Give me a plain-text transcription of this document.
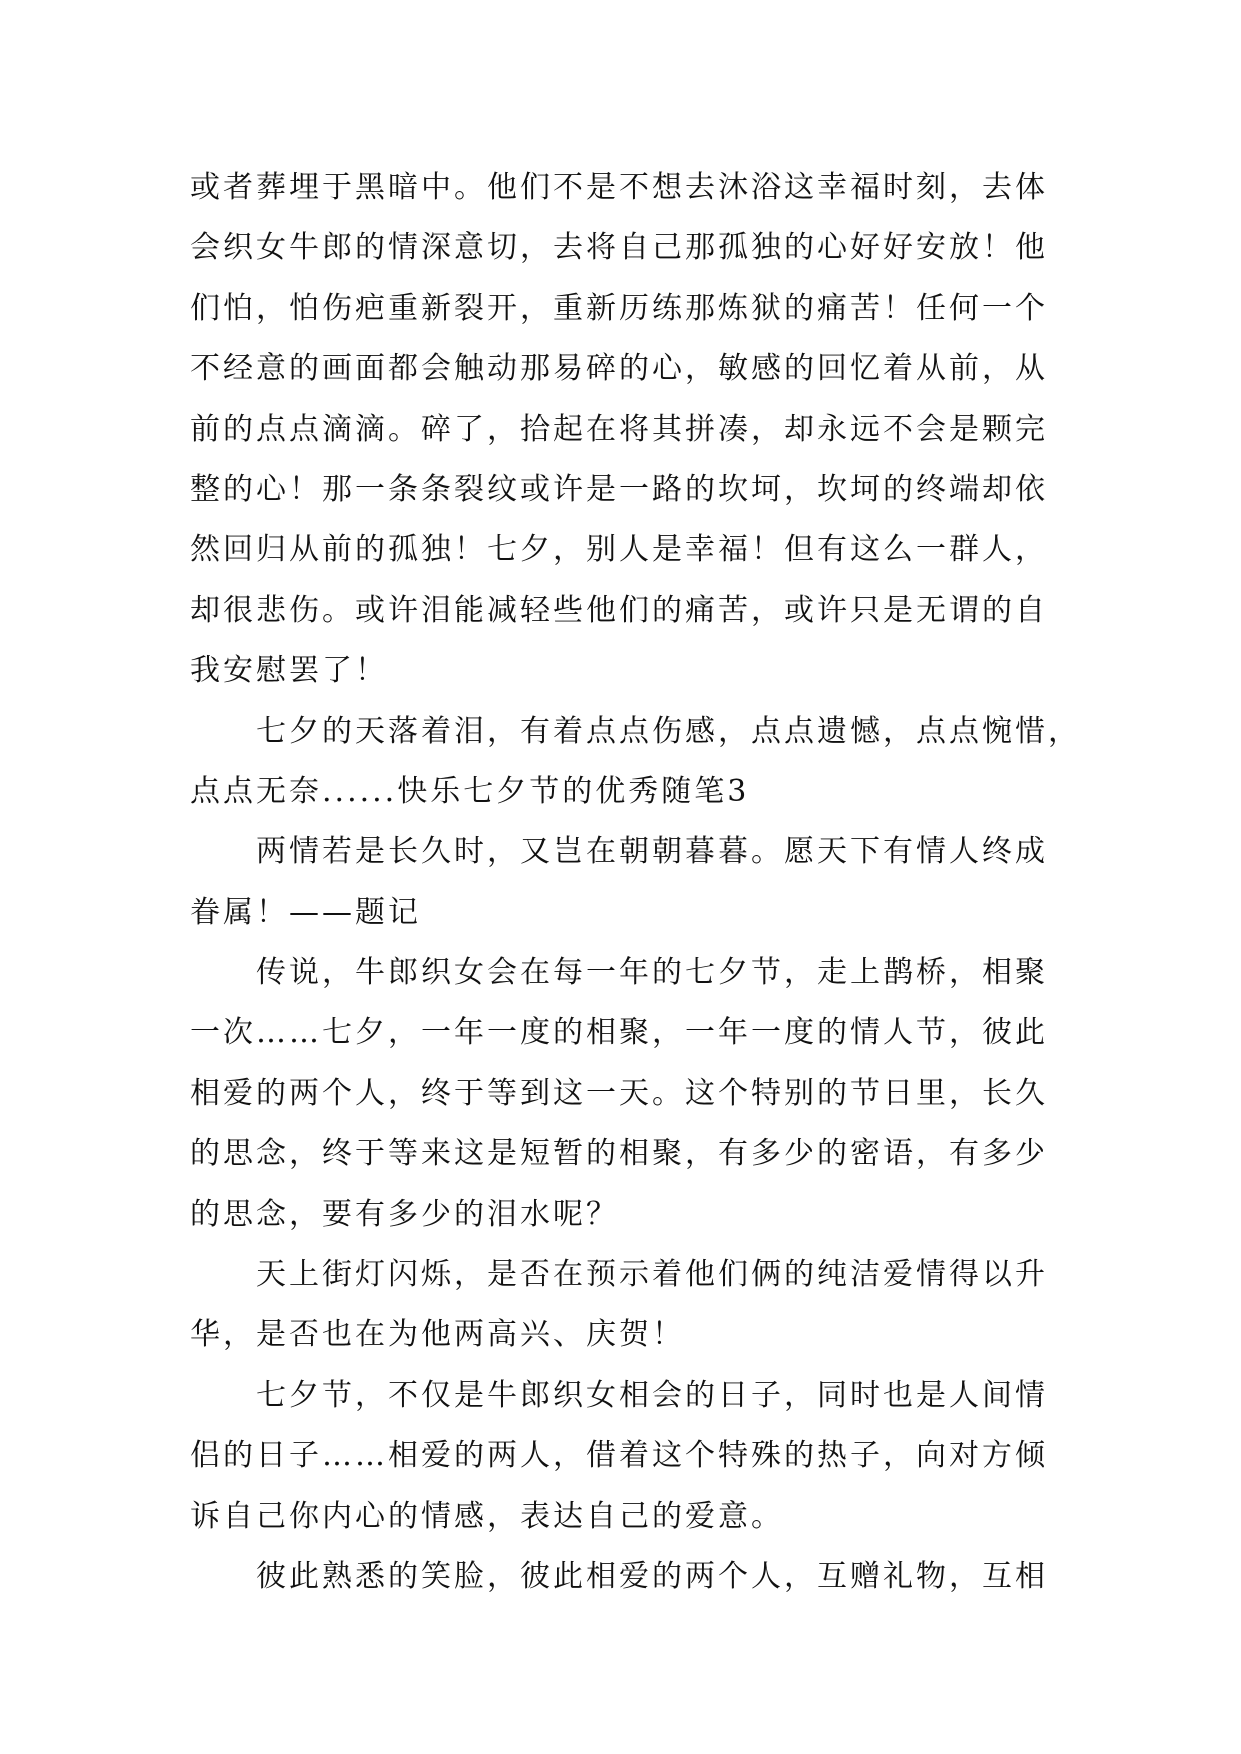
或者葬埋于黑暗中。他们不是不想去沐浴这幸福时刻，去体
会织女牛郎的情深意切，去将自己那孤独的心好好安放！他
们怕，怕伤疤重新裂开，重新历练那炼狱的痛苦！任何一个
不经意的画面都会触动那易碎的心，敏感的回忆着从前，从
前的点点滴滴。碎了，拾起在将其拼凑，却永远不会是颗完
整的心！那一条条裂纹或许是一路的坎坷，坎坷的终端却依
然回归从前的孤独！七夕，别人是幸福！但有这么一群人，
却很悲伤。或许泪能减轻些他们的痛苦，或许只是无谓的自
我安慰罢了！
七夕的天落着泪，有着点点伤感，点点遗憾，点点惋惜，
点点无奈......快乐七夕节的优秀随笔3
两情若是长久时，又岂在朝朝暮暮。愿天下有情人终成
眷属！——题记
传说，牛郎织女会在每一年的七夕节，走上鹊桥，相聚
一次……七夕，一年一度的相聚，一年一度的情人节，彼此
相爱的两个人，终于等到这一天。这个特别的节日里，长久
的思念，终于等来这是短暂的相聚，有多少的密语，有多少
的思念，要有多少的泪水呢？
天上街灯闪烁，是否在预示着他们俩的纯洁爱情得以升
华，是否也在为他两高兴、庆贺！
七夕节，不仅是牛郎织女相会的日子，同时也是人间情
侣的日子……相爱的两人，借着这个特殊的热子，向对方倾
诉自己你内心的情感，表达自己的爱意。
彼此熟悉的笑脸，彼此相爱的两个人，互赠礼物，互相
